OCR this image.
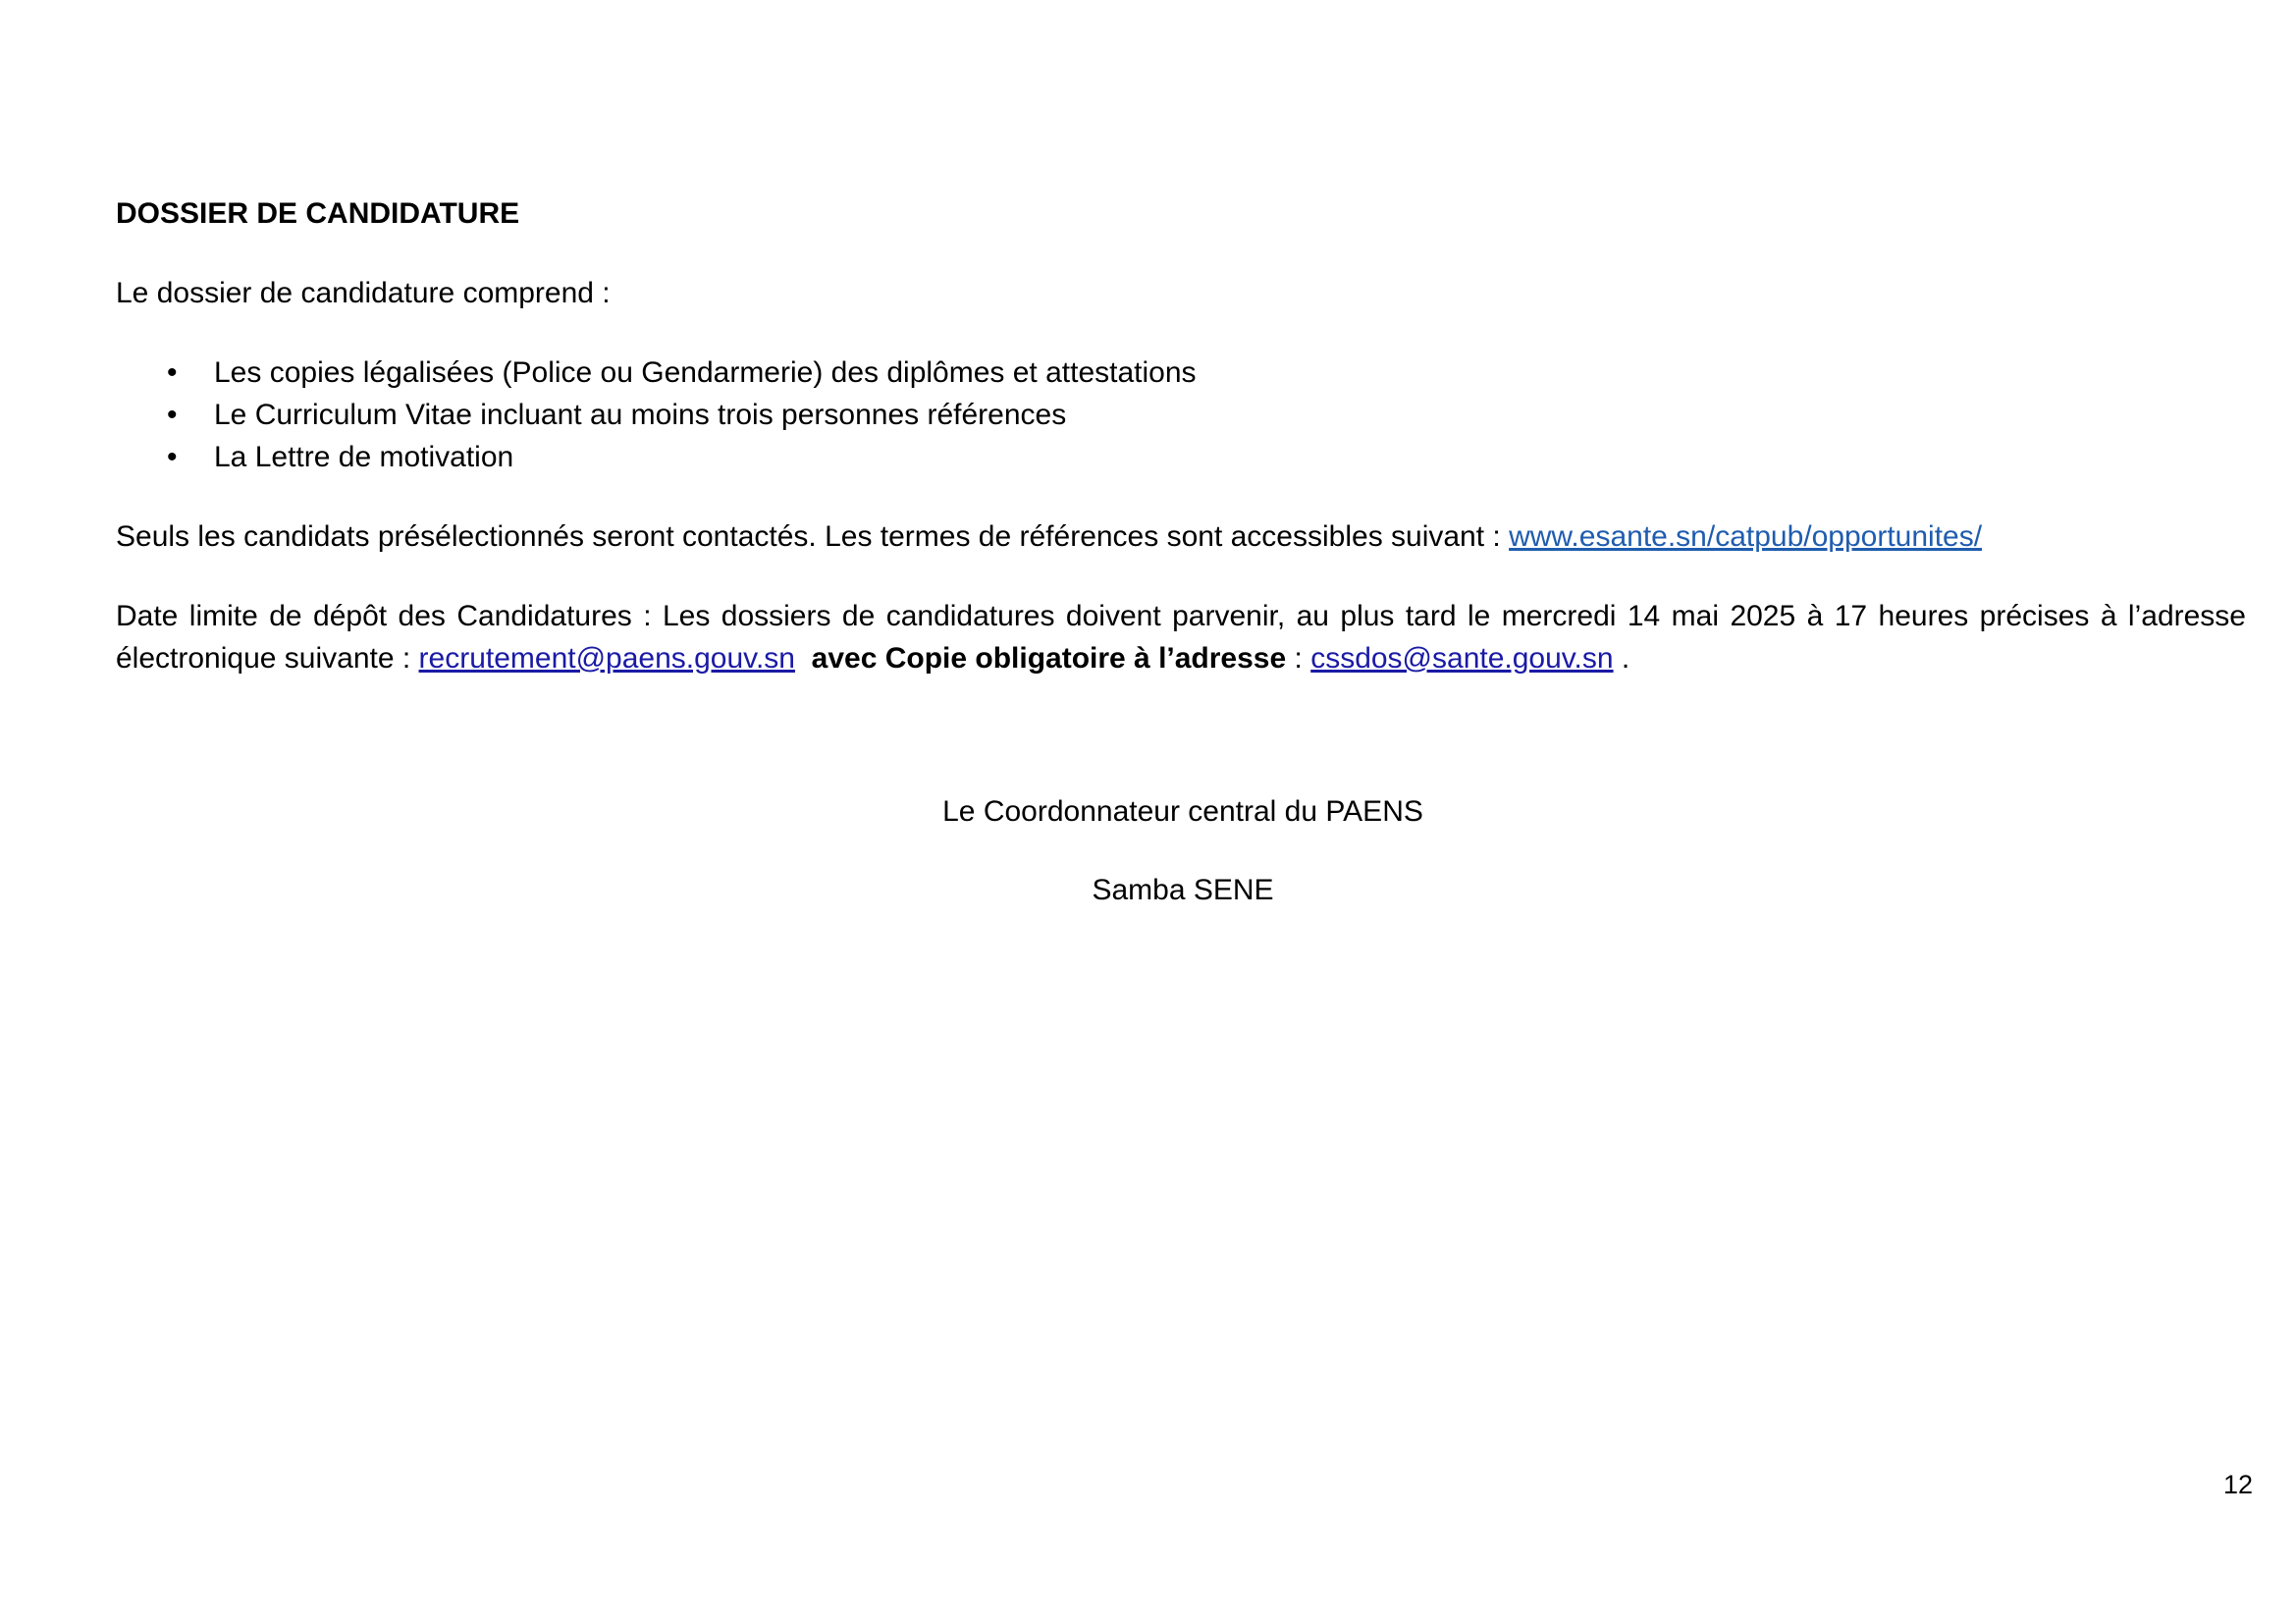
DOSSIER DE CANDIDATURE

Le dossier de candidature comprend :

• Les copies légalisées (Police ou Gendarmerie) des diplômes et attestations
• Le Curriculum Vitae incluant au moins trois personnes références
• La Lettre de motivation

Seuls les candidats présélectionnés seront contactés. Les termes de références sont accessibles suivant : www.esante.sn/catpub/opportunites/

Date limite de dépôt des Candidatures : Les dossiers de candidatures doivent parvenir, au plus tard le mercredi 14 mai 2025 à 17 heures précises à l’adresse électronique suivante : recrutement@paens.gouv.sn avec Copie obligatoire à l’adresse : cssdos@sante.gouv.sn .

Le Coordonnateur central du PAENS
Samba SENE
12
